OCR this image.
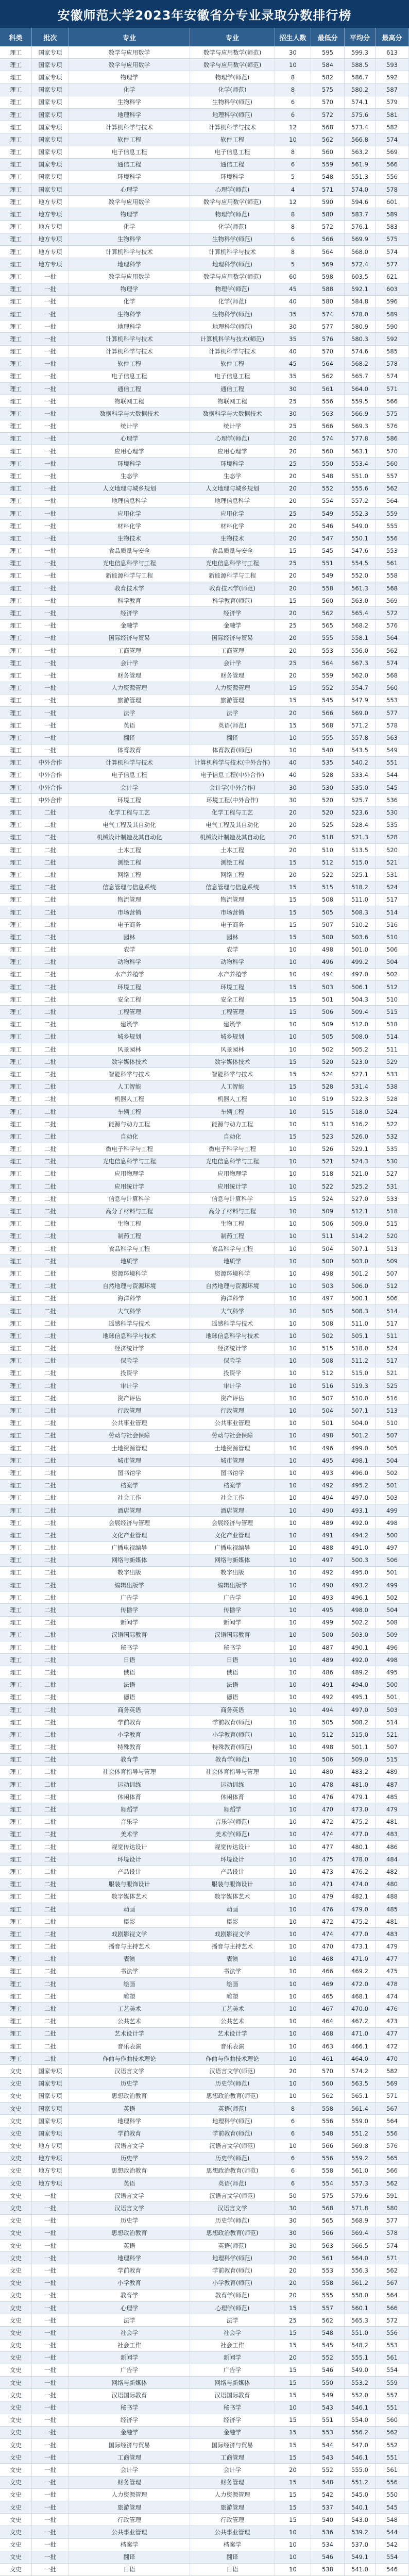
安徽师范大学2023年安徽省分专业录取分数排行榜
科类	批次	专业	专业	招生人数	最低分	平均分	最高分
理工	国家专项	数学与应用数学	数学与应用数学(师范)	30	595	599.3	613
理工	国家专项	数学与应用数学	数学与应用数学(师范)	10	584	588.5	593
理工	国家专项	物理学	物理学(师范)	8	582	586.7	592
理工	国家专项	化学	化学(师范)	8	575	580.2	587
理工	国家专项	生物科学	生物科学(师范)	6	570	574.1	579
理工	国家专项	地理科学	地理科学(师范)	6	572	575.6	581
理工	国家专项	计算机科学与技术	计算机科学与技术	12	568	573.4	582
理工	国家专项	软件工程	软件工程	10	562	566.8	574
理工	国家专项	电子信息工程	电子信息工程	8	560	563.2	569
理工	国家专项	通信工程	通信工程	6	559	561.9	566
理工	国家专项	环境科学	环境科学	5	548	551.3	556
理工	国家专项	心理学	心理学(师范)	4	571	574.0	578
理工	地方专项	数学与应用数学	数学与应用数学(师范)	12	590	594.6	601
理工	地方专项	物理学	物理学(师范)	8	580	583.7	589
理工	地方专项	化学	化学(师范)	8	572	576.1	583
理工	地方专项	生物科学	生物科学(师范)	6	566	569.9	575
理工	地方专项	计算机科学与技术	计算机科学与技术	8	564	568.0	574
理工	地方专项	地理科学	地理科学(师范)	5	569	572.4	577
理工	一批	数学与应用数学	数学与应用数学(师范)	60	598	603.5	621
理工	一批	物理学	物理学(师范)	45	588	592.1	603
理工	一批	化学	化学(师范)	40	580	584.8	596
理工	一批	生物科学	生物科学(师范)	35	574	578.0	589
理工	一批	地理科学	地理科学(师范)	30	577	580.9	590
理工	一批	计算机科学与技术	计算机科学与技术(师范)	35	576	580.3	592
理工	一批	计算机科学与技术	计算机科学与技术	40	570	574.6	585
理工	一批	软件工程	软件工程	45	564	568.2	578
理工	一批	电子信息工程	电子信息工程	35	562	565.7	574
理工	一批	通信工程	通信工程	30	561	564.0	571
理工	一批	物联网工程	物联网工程	25	556	559.5	566
理工	一批	数据科学与大数据技术	数据科学与大数据技术	30	563	566.9	575
理工	一批	统计学	统计学	25	566	569.3	576
理工	一批	心理学	心理学(师范)	20	574	577.8	586
理工	一批	应用心理学	应用心理学	20	560	563.1	570
理工	一批	环境科学	环境科学	25	550	553.4	560
理工	一批	生态学	生态学	20	548	551.0	557
理工	一批	人文地理与城乡规划	人文地理与城乡规划	20	552	555.6	562
理工	一批	地理信息科学	地理信息科学	20	554	557.2	564
理工	一批	应用化学	应用化学	25	549	552.3	559
理工	一批	材料化学	材料化学	20	546	549.0	555
理工	一批	生物技术	生物技术	20	547	550.1	556
理工	一批	食品质量与安全	食品质量与安全	15	545	547.6	553
理工	一批	光电信息科学与工程	光电信息科学与工程	25	551	554.5	561
理工	一批	新能源科学与工程	新能源科学与工程	20	549	552.0	558
理工	一批	教育技术学	教育技术学(师范)	20	558	561.3	568
理工	一批	科学教育	科学教育(师范)	15	560	563.0	569
理工	一批	经济学	经济学	20	562	565.4	572
理工	一批	金融学	金融学	25	565	568.2	576
理工	一批	国际经济与贸易	国际经济与贸易	20	555	558.1	564
理工	一批	工商管理	工商管理	20	553	556.0	562
理工	一批	会计学	会计学	25	564	567.3	574
理工	一批	财务管理	财务管理	20	559	562.0	568
理工	一批	人力资源管理	人力资源管理	15	552	554.7	560
理工	一批	旅游管理	旅游管理	15	545	547.9	553
理工	一批	法学	法学	20	566	569.0	577
理工	一批	英语	英语(师范)	15	568	571.2	578
理工	一批	翻译	翻译	10	555	557.8	563
理工	一批	体育教育	体育教育(师范)	10	540	543.5	549
理工	中外合作	计算机科学与技术	计算机科学与技术(中外合作)	40	535	540.2	551
理工	中外合作	电子信息工程	电子信息工程(中外合作)	40	528	533.4	544
理工	中外合作	会计学	会计学(中外合作)	30	530	535.0	545
理工	中外合作	环境工程	环境工程(中外合作)	30	520	525.7	536
理工	二批	化学工程与工艺	化学工程与工艺	20	520	523.6	530
理工	二批	电气工程及其自动化	电气工程及其自动化	20	525	528.4	535
理工	二批	机械设计制造及其自动化	机械设计制造及其自动化	20	518	521.3	528
理工	二批	土木工程	土木工程	20	510	513.5	520
理工	二批	测绘工程	测绘工程	15	512	515.0	521
理工	二批	网络工程	网络工程	20	522	525.1	531
理工	二批	信息管理与信息系统	信息管理与信息系统	15	515	518.2	524
理工	二批	物流管理	物流管理	15	508	511.0	517
理工	二批	市场营销	市场营销	15	505	508.3	514
理工	二批	电子商务	电子商务	15	507	510.2	516
理工	二批	园林	园林	15	500	503.6	510
理工	二批	农学	农学	10	498	501.0	506
理工	二批	动物科学	动物科学	10	496	499.2	504
理工	二批	水产养殖学	水产养殖学	10	494	497.0	502
理工	二批	环境工程	环境工程	15	503	506.1	512
理工	二批	安全工程	安全工程	15	501	504.3	510
理工	二批	工程管理	工程管理	15	506	509.4	515
理工	二批	建筑学	建筑学	10	509	512.0	518
理工	二批	城乡规划	城乡规划	10	505	508.0	514
理工	二批	风景园林	风景园林	10	502	505.2	511
理工	二批	数字媒体技术	数字媒体技术	15	520	523.0	529
理工	二批	智能科学与技术	智能科学与技术	15	524	527.1	533
理工	二批	人工智能	人工智能	15	528	531.4	538
理工	二批	机器人工程	机器人工程	10	519	522.3	528
理工	二批	车辆工程	车辆工程	10	515	518.0	524
理工	二批	能源与动力工程	能源与动力工程	10	513	516.2	522
理工	二批	自动化	自动化	15	523	526.0	532
理工	二批	微电子科学与工程	微电子科学与工程	10	526	529.1	535
理工	二批	光电信息科学与工程	光电信息科学与工程	10	521	524.3	530
理工	二批	应用物理学	应用物理学	10	518	521.0	527
理工	二批	应用统计学	应用统计学	10	522	525.2	531
理工	二批	信息与计算科学	信息与计算科学	15	524	527.0	533
理工	二批	高分子材料与工程	高分子材料与工程	10	509	512.1	518
理工	二批	生物工程	生物工程	10	506	509.0	515
理工	二批	制药工程	制药工程	10	511	514.2	520
理工	二批	食品科学与工程	食品科学与工程	10	504	507.1	513
理工	二批	地质学	地质学	10	500	503.0	509
理工	二批	资源环境科学	资源环境科学	10	498	501.2	507
理工	二批	自然地理与资源环境	自然地理与资源环境	10	503	506.0	512
理工	二批	海洋科学	海洋科学	10	497	500.1	506
理工	二批	大气科学	大气科学	10	505	508.3	514
理工	二批	遥感科学与技术	遥感科学与技术	10	508	511.0	517
理工	二批	地球信息科学与技术	地球信息科学与技术	10	502	505.1	511
理工	二批	经济统计学	经济统计学	10	515	518.0	524
理工	二批	保险学	保险学	10	508	511.2	517
理工	二批	投资学	投资学	10	512	515.0	521
理工	二批	审计学	审计学	10	516	519.3	525
理工	二批	资产评估	资产评估	10	507	510.0	516
理工	二批	行政管理	行政管理	10	504	507.1	513
理工	二批	公共事业管理	公共事业管理	10	501	504.0	510
理工	二批	劳动与社会保障	劳动与社会保障	10	498	501.2	507
理工	二批	土地资源管理	土地资源管理	10	496	499.0	505
理工	二批	城市管理	城市管理	10	495	498.1	504
理工	二批	图书馆学	图书馆学	10	493	496.0	502
理工	二批	档案学	档案学	10	492	495.2	501
理工	二批	社会工作	社会工作	10	494	497.0	503
理工	二批	酒店管理	酒店管理	10	490	493.1	499
理工	二批	会展经济与管理	会展经济与管理	10	489	492.0	498
理工	二批	文化产业管理	文化产业管理	10	491	494.2	500
理工	二批	广播电视编导	广播电视编导	10	488	491.0	497
理工	二批	网络与新媒体	网络与新媒体	10	497	500.3	506
理工	二批	数字出版	数字出版	10	492	495.0	501
理工	二批	编辑出版学	编辑出版学	10	490	493.2	499
理工	二批	广告学	广告学	10	493	496.1	502
理工	二批	传播学	传播学	10	495	498.0	504
理工	二批	新闻学	新闻学	10	499	502.2	508
理工	二批	汉语国际教育	汉语国际教育	10	500	503.0	509
理工	二批	秘书学	秘书学	10	487	490.1	496
理工	二批	日语	日语	10	489	492.0	498
理工	二批	俄语	俄语	10	486	489.2	495
理工	二批	法语	法语	10	491	494.0	500
理工	二批	德语	德语	10	492	495.1	501
理工	二批	商务英语	商务英语	10	494	497.0	503
理工	二批	学前教育	学前教育(师范)	10	505	508.2	514
理工	二批	小学教育	小学教育(师范)	10	512	515.0	521
理工	二批	特殊教育	特殊教育(师范)	10	498	501.1	507
理工	二批	教育学	教育学(师范)	10	506	509.0	515
理工	二批	社会体育指导与管理	社会体育指导与管理	10	480	483.2	489
理工	二批	运动训练	运动训练	10	478	481.0	487
理工	二批	休闲体育	休闲体育	10	476	479.1	485
理工	二批	舞蹈学	舞蹈学	10	470	473.0	479
理工	二批	音乐学	音乐学(师范)	10	472	475.2	481
理工	二批	美术学	美术学(师范)	10	474	477.0	483
理工	二批	视觉传达设计	视觉传达设计	10	477	480.1	486
理工	二批	环境设计	环境设计	10	475	478.0	484
理工	二批	产品设计	产品设计	10	473	476.2	482
理工	二批	服装与服饰设计	服装与服饰设计	10	471	474.0	480
理工	二批	数字媒体艺术	数字媒体艺术	10	479	482.1	488
理工	二批	动画	动画	10	476	479.0	485
理工	二批	摄影	摄影	10	472	475.2	481
理工	二批	戏剧影视文学	戏剧影视文学	10	474	477.0	483
理工	二批	播音与主持艺术	播音与主持艺术	10	470	473.1	479
理工	二批	表演	表演	10	468	471.0	477
理工	二批	书法学	书法学	10	466	469.2	475
理工	二批	绘画	绘画	10	469	472.0	478
理工	二批	雕塑	雕塑	10	465	468.1	474
理工	二批	工艺美术	工艺美术	10	467	470.0	476
理工	二批	公共艺术	公共艺术	10	464	467.2	473
理工	二批	艺术设计学	艺术设计学	10	468	471.0	477
理工	二批	音乐表演	音乐表演	10	463	466.1	472
理工	二批	作曲与作曲技术理论	作曲与作曲技术理论	10	461	464.0	470
文史	国家专项	汉语言文学	汉语言文学(师范)	20	570	574.2	582
文史	国家专项	历史学	历史学(师范)	10	560	563.5	569
文史	国家专项	思想政治教育	思想政治教育(师范)	10	562	565.1	571
文史	国家专项	英语	英语(师范)	8	558	561.4	567
文史	国家专项	地理科学	地理科学(师范)	6	556	559.0	564
文史	国家专项	学前教育	学前教育(师范)	6	548	551.2	556
文史	地方专项	汉语言文学	汉语言文学(师范)	10	566	569.8	576
文史	地方专项	历史学	历史学(师范)	6	556	559.2	565
文史	地方专项	思想政治教育	思想政治教育(师范)	6	558	561.0	566
文史	地方专项	英语	英语(师范)	6	554	557.3	562
文史	一批	汉语言文学	汉语言文学(师范)	50	575	579.6	591
文史	一批	汉语言文学	汉语言文学	30	568	571.8	580
文史	一批	历史学	历史学(师范)	30	565	568.9	577
文史	一批	思想政治教育	思想政治教育(师范)	30	566	569.4	578
文史	一批	英语	英语(师范)	30	563	566.5	574
文史	一批	地理科学	地理科学(师范)	20	561	564.0	571
文史	一批	学前教育	学前教育(师范)	20	553	556.3	562
文史	一批	小学教育	小学教育(师范)	20	558	561.2	567
文史	一批	教育学	教育学(师范)	20	555	558.0	564
文史	一批	心理学	心理学(师范)	15	557	560.1	566
文史	一批	法学	法学	25	562	565.3	572
文史	一批	社会学	社会学	15	548	551.0	556
文史	一批	社会工作	社会工作	15	545	548.2	553
文史	一批	新闻学	新闻学	20	552	555.1	561
文史	一批	广告学	广告学	15	546	549.0	554
文史	一批	网络与新媒体	网络与新媒体	15	550	553.2	559
文史	一批	汉语国际教育	汉语国际教育	15	549	552.0	557
文史	一批	秘书学	秘书学	10	543	546.1	551
文史	一批	经济学	经济学	15	551	554.0	560
文史	一批	金融学	金融学	15	553	556.2	562
文史	一批	国际经济与贸易	国际经济与贸易	15	544	547.0	552
文史	一批	工商管理	工商管理	15	543	546.1	551
文史	一批	会计学	会计学	20	552	555.0	561
文史	一批	财务管理	财务管理	15	548	551.2	556
文史	一批	人力资源管理	人力资源管理	15	542	545.0	550
文史	一批	旅游管理	旅游管理	15	537	540.1	545
文史	一批	行政管理	行政管理	15	540	543.0	548
文史	一批	公共事业管理	公共事业管理	10	536	539.2	544
文史	一批	档案学	档案学	10	534	537.0	542
文史	一批	翻译	翻译	10	546	549.1	554
文史	一批	日语	日语	10	538	541.0	546
